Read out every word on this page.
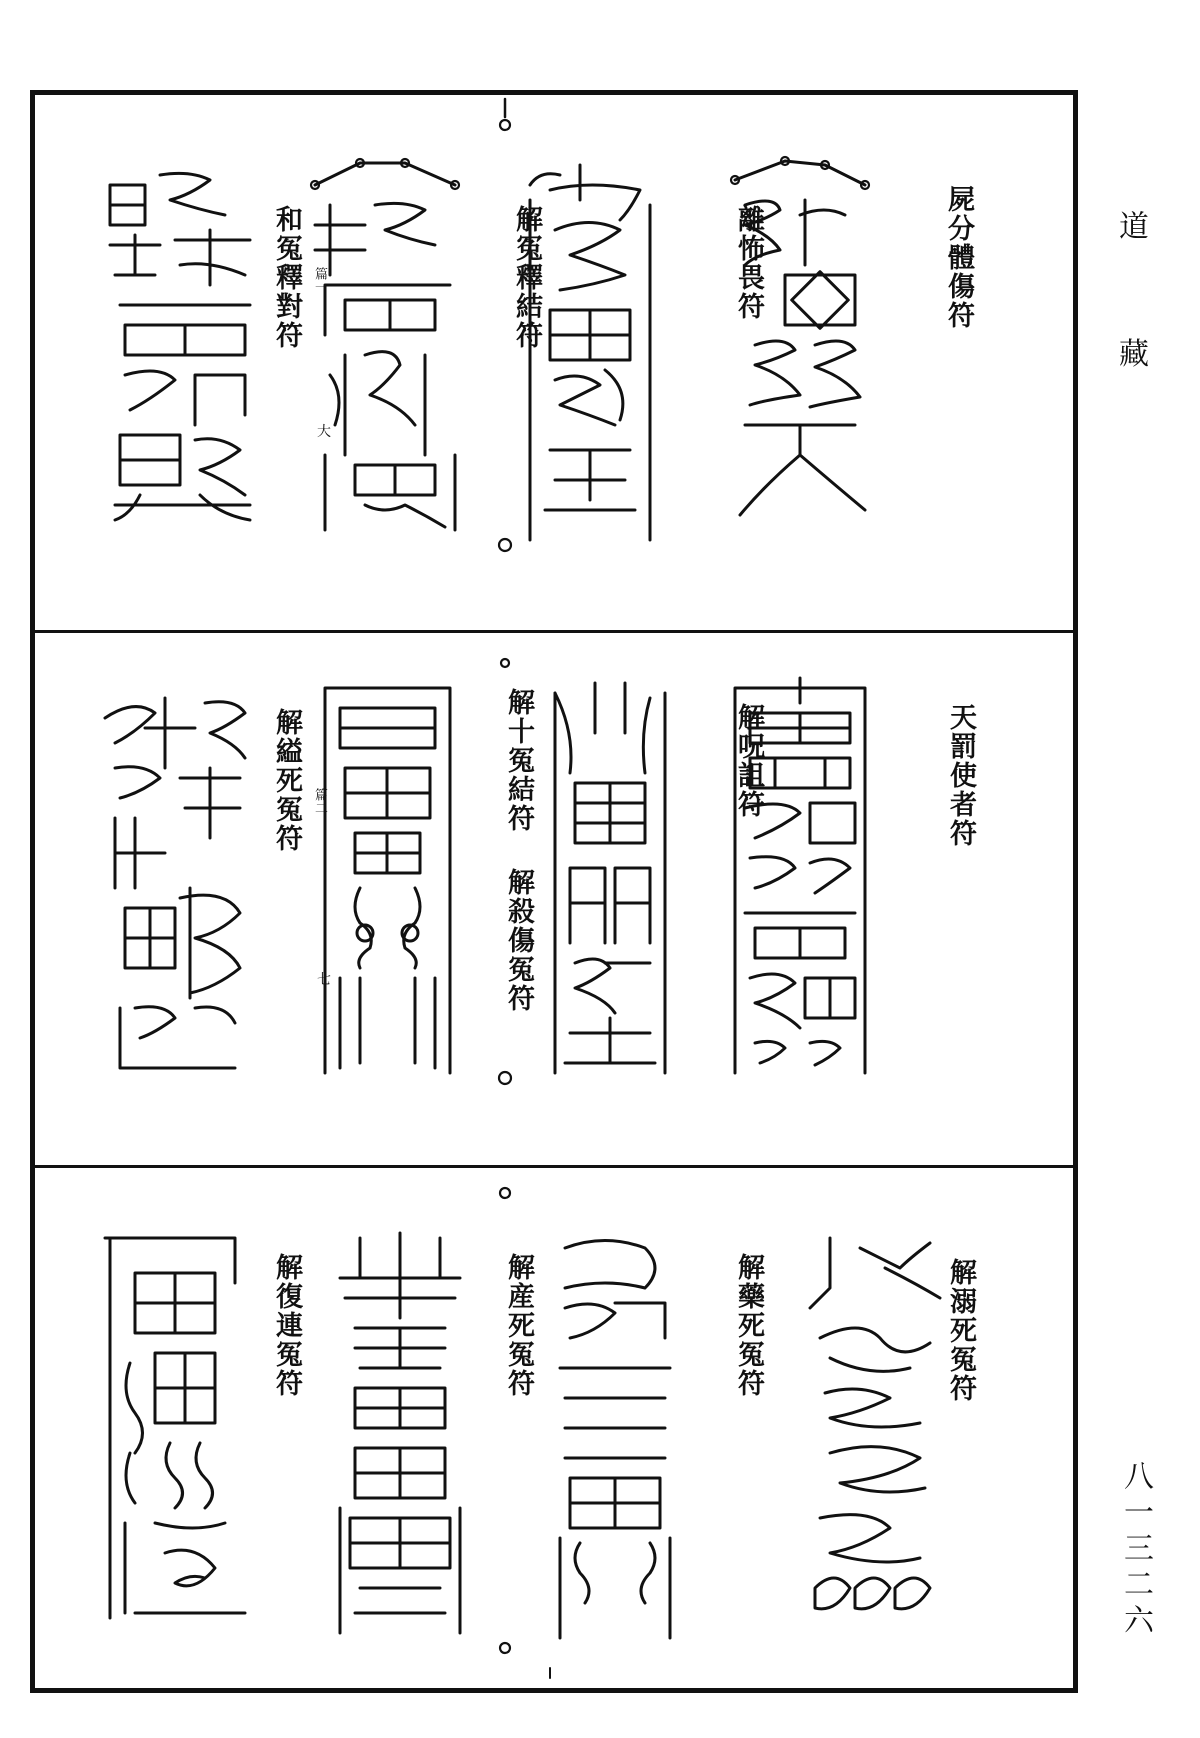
道 藏
屍分體傷符
離怖畏符
解冤釋結符
和冤釋對符 篇一
大
天罰使者符
解呪詛符
解十冤結符
解殺傷冤符
解縊死冤符 篇二
七
解溺死冤符
解藥死冤符
解産死冤符
解復連冤符
八一三二六
